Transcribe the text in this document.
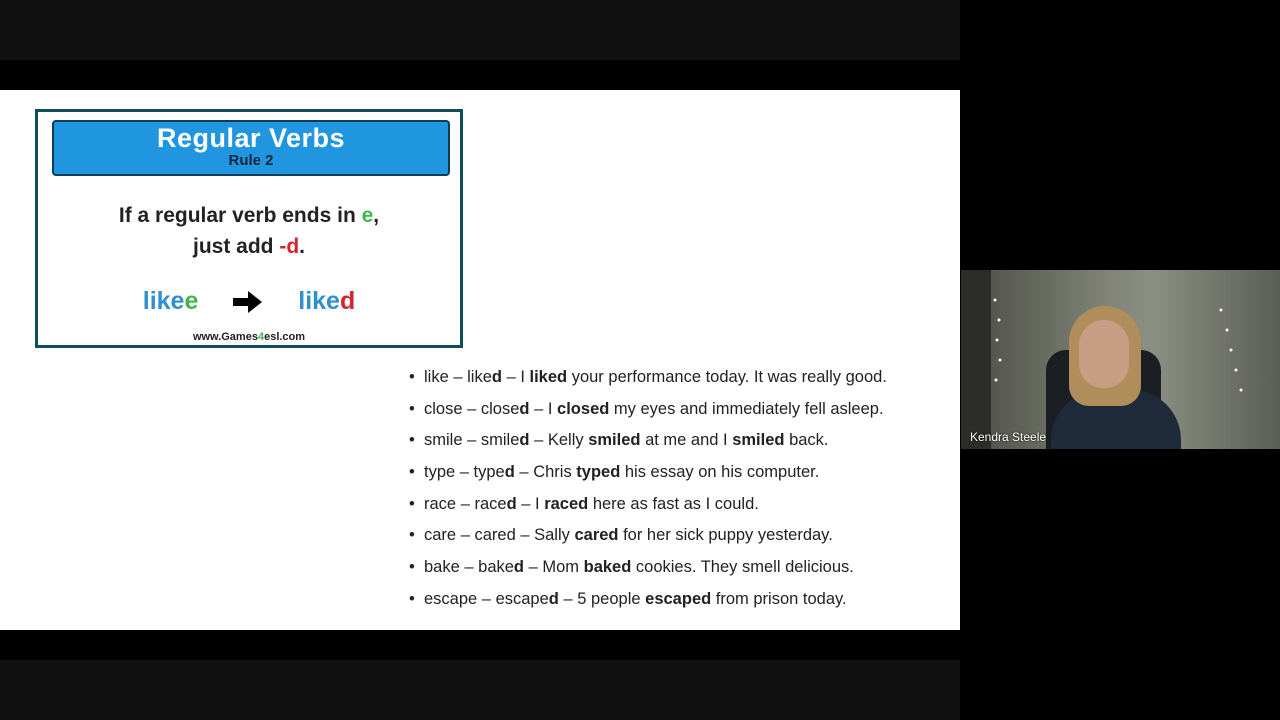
Regular Verbs
Rule 2
If a regular verb ends in e,
just add -d.
likee	liked
www.Games4esl.com
• like – liked – I liked your performance today. It was really good.
• close – closed – I closed my eyes and immediately fell asleep.
• smile – smiled – Kelly smiled at me and I smiled back.
• type – typed – Chris typed his essay on his computer.
• race – raced – I raced here as fast as I could.
• care – cared – Sally cared for her sick puppy yesterday.
• bake – baked – Mom baked cookies. They smell delicious.
• escape – escaped – 5 people escaped from prison today.
Kendra Steele
